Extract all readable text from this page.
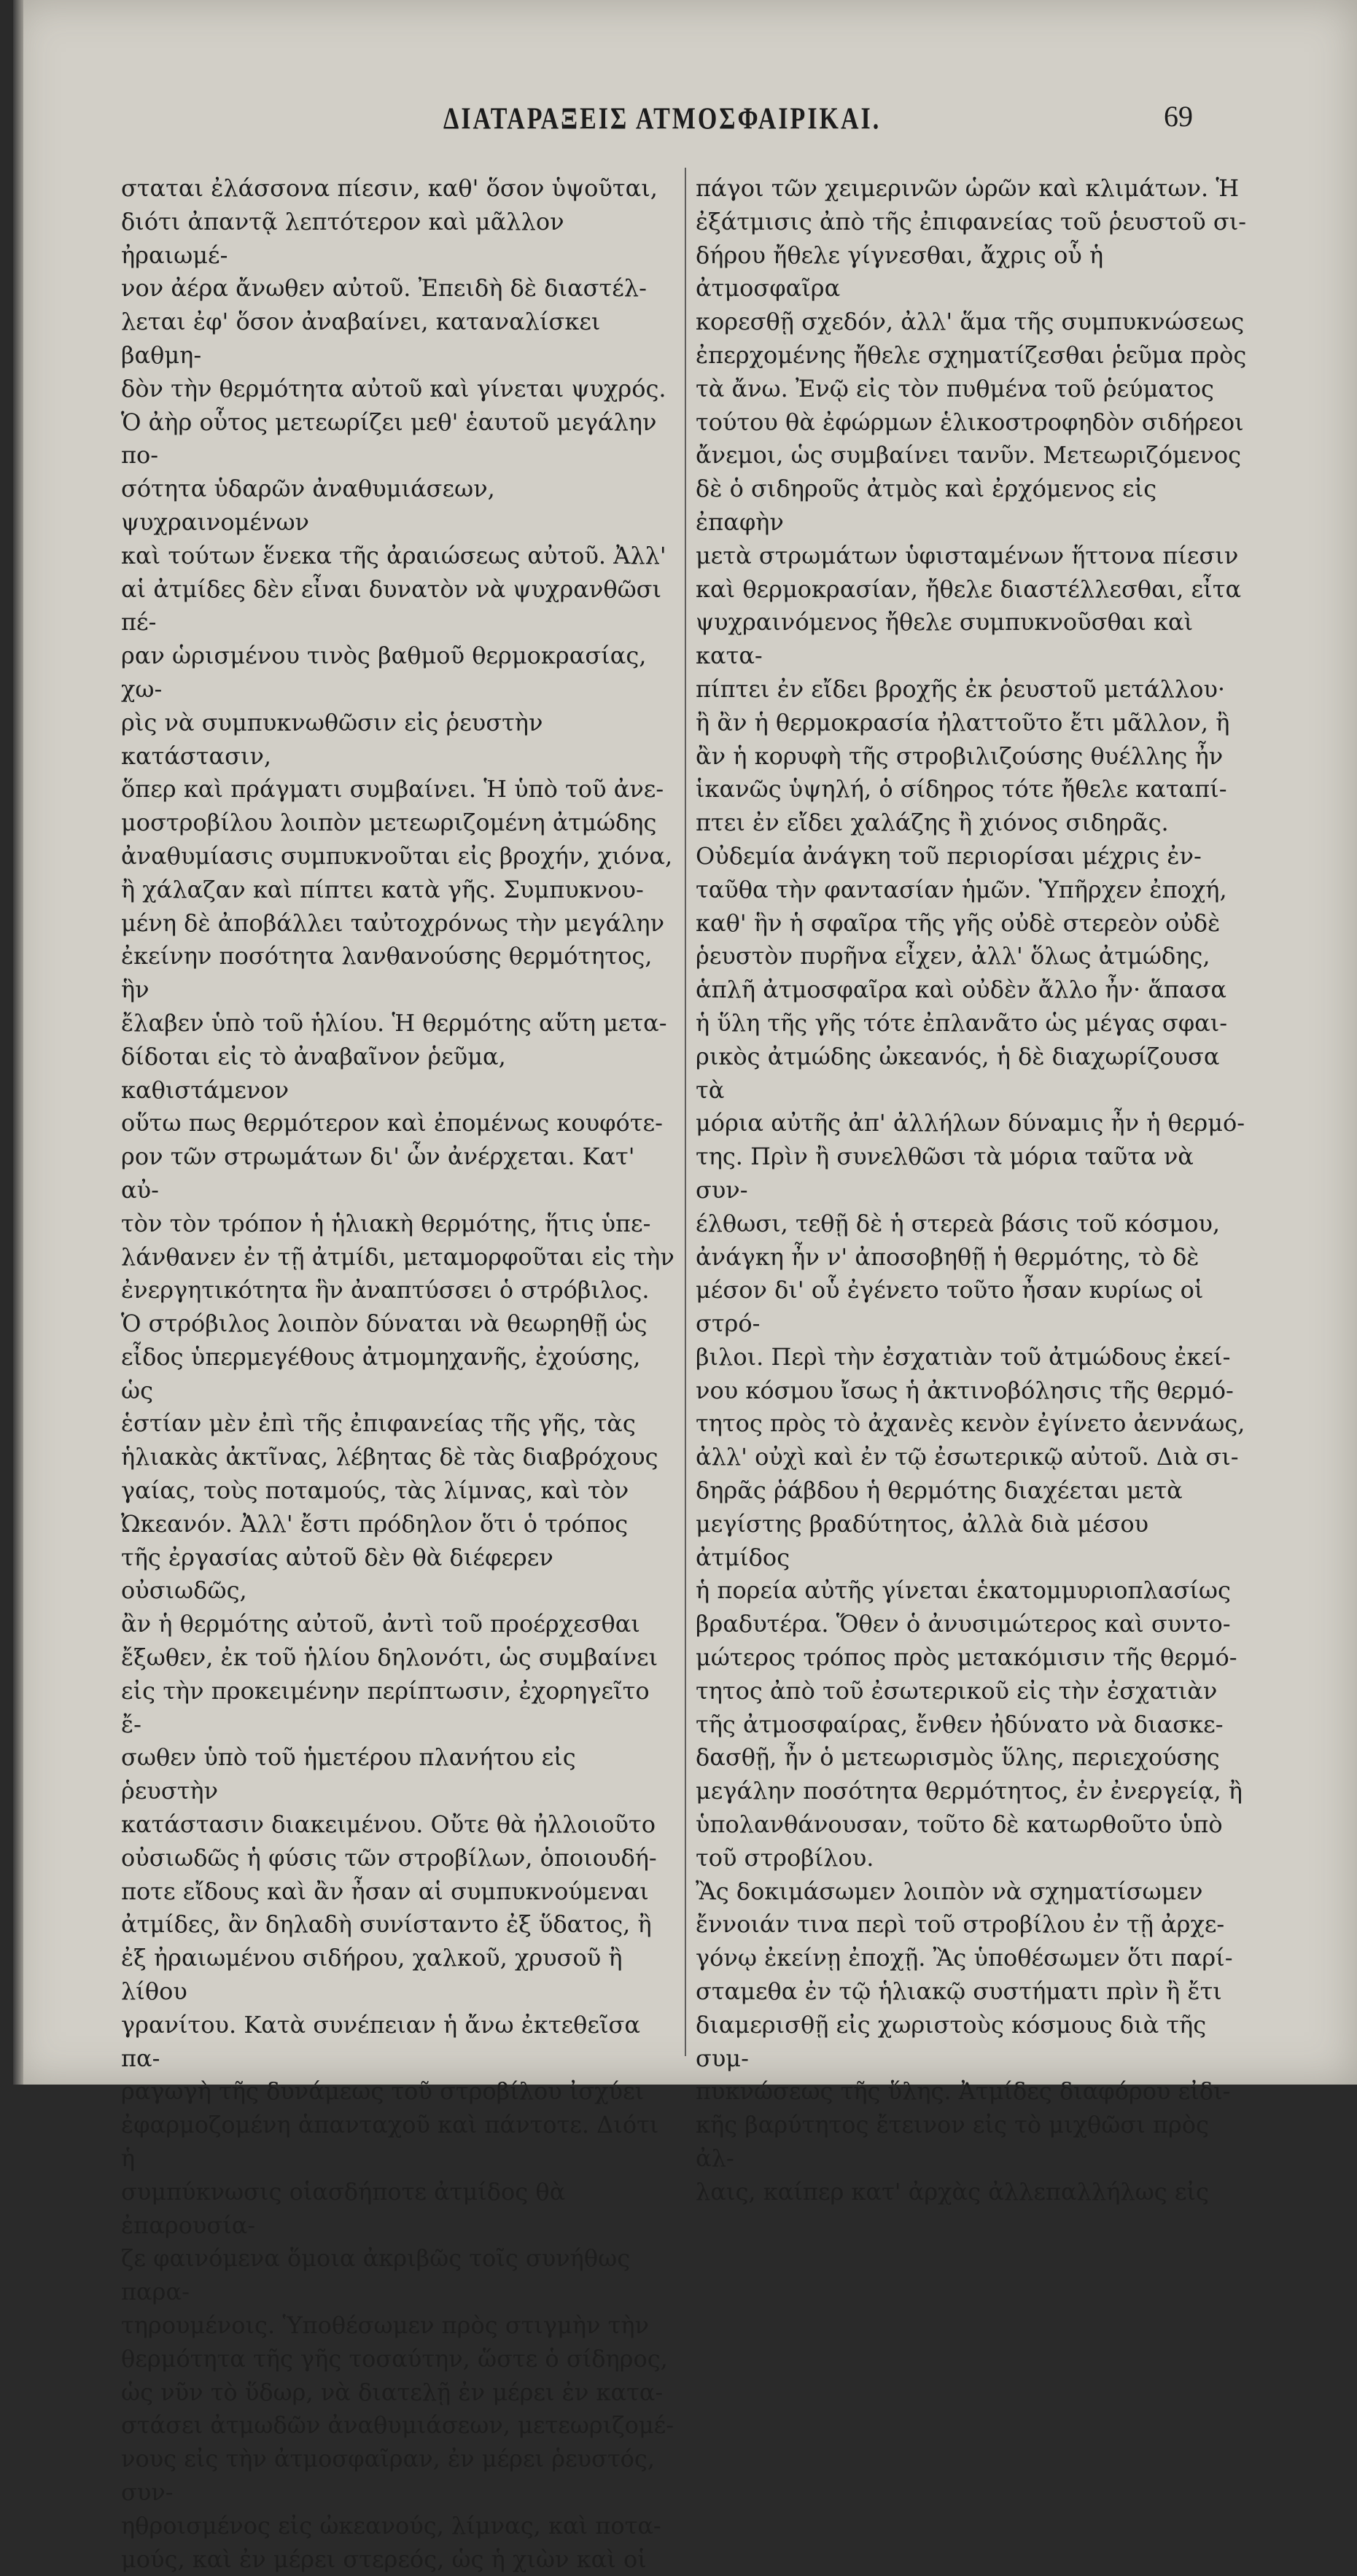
ΔΙΑΤΑΡΑΞΕΙΣ ΑΤΜΟΣΦΑΙΡΙΚΑΙ.	69

σταται ἐλάσσονα πίεσιν, καθ' ὅσον ὑψοῦται,
διότι ἀπαντᾷ λεπτότερον καὶ μᾶλλον ἠραιωμέ-
νον ἀέρα ἄνωθεν αὐτοῦ. Ἐπειδὴ δὲ διαστέλ-
λεται ἐφ' ὅσον ἀναβαίνει, καταναλίσκει βαθμη-
δὸν τὴν θερμότητα αὐτοῦ καὶ γίνεται ψυχρός.
Ὁ ἀὴρ οὗτος μετεωρίζει μεθ' ἑαυτοῦ μεγάλην πο-
σότητα ὑδαρῶν ἀναθυμιάσεων, ψυχραινομένων
καὶ τούτων ἕνεκα τῆς ἀραιώσεως αὐτοῦ. Ἀλλ'
αἱ ἀτμίδες δὲν εἶναι δυνατὸν νὰ ψυχρανθῶσι πέ-
ραν ὡρισμένου τινὸς βαθμοῦ θερμοκρασίας, χω-
ρὶς νὰ συμπυκνωθῶσιν εἰς ῥευστὴν κατάστασιν,
ὅπερ καὶ πράγματι συμβαίνει. Ἡ ὑπὸ τοῦ ἀνε-
μοστροβίλου λοιπὸν μετεωριζομένη ἀτμώδης
ἀναθυμίασις συμπυκνοῦται εἰς βροχήν, χιόνα,
ἢ χάλαζαν καὶ πίπτει κατὰ γῆς. Συμπυκνου-
μένη δὲ ἀποβάλλει ταὐτοχρόνως τὴν μεγάλην
ἐκείνην ποσότητα λανθανούσης θερμότητος, ἣν
ἔλαβεν ὑπὸ τοῦ ἡλίου. Ἡ θερμότης αὕτη μετα-
δίδοται εἰς τὸ ἀναβαῖνον ῥεῦμα, καθιστάμενον
οὕτω πως θερμότερον καὶ ἐπομένως κουφότε-
ρον τῶν στρωμάτων δι' ὧν ἀνέρχεται. Κατ' αὐ-
τὸν τὸν τρόπον ἡ ἡλιακὴ θερμότης, ἥτις ὑπε-
λάνθανεν ἐν τῇ ἀτμίδι, μεταμορφοῦται εἰς τὴν
ἐνεργητικότητα ἣν ἀναπτύσσει ὁ στρόβιλος.

Ὁ στρόβιλος λοιπὸν δύναται νὰ θεωρηθῇ ὡς
εἶδος ὑπερμεγέθους ἀτμομηχανῆς, ἐχούσης, ὡς
ἑστίαν μὲν ἐπὶ τῆς ἐπιφανείας τῆς γῆς, τὰς
ἡλιακὰς ἀκτῖνας, λέβητας δὲ τὰς διαβρόχους
γαίας, τοὺς ποταμούς, τὰς λίμνας, καὶ τὸν
Ὠκεανόν. Ἀλλ' ἔστι πρόδηλον ὅτι ὁ τρόπος
τῆς ἐργασίας αὐτοῦ δὲν θὰ διέφερεν οὐσιωδῶς,
ἂν ἡ θερμότης αὐτοῦ, ἀντὶ τοῦ προέρχεσθαι
ἔξωθεν, ἐκ τοῦ ἡλίου δηλονότι, ὡς συμβαίνει
εἰς τὴν προκειμένην περίπτωσιν, ἐχορηγεῖτο ἔ-
σωθεν ὑπὸ τοῦ ἡμετέρου πλανήτου εἰς ῥευστὴν
κατάστασιν διακειμένου. Οὔτε θὰ ἠλλοιοῦτο
οὐσιωδῶς ἡ φύσις τῶν στροβίλων, ὁποιουδή-
ποτε εἴδους καὶ ἂν ἦσαν αἱ συμπυκνούμεναι
ἀτμίδες, ἂν δηλαδὴ συνίσταντο ἐξ ὕδατος, ἢ
ἐξ ἠραιωμένου σιδήρου, χαλκοῦ, χρυσοῦ ἢ λίθου
γρανίτου. Κατὰ συνέπειαν ἡ ἄνω ἐκτεθεῖσα πα-
ραγωγὴ τῆς δυνάμεως τοῦ στροβίλου ἰσχύει
ἐφαρμοζομένη ἁπανταχοῦ καὶ πάντοτε. Διότι ἡ
συμπύκνωσις οἱασδήποτε ἀτμίδος θὰ ἐπαρουσία-
ζε φαινόμενα ὅμοια ἀκριβῶς τοῖς συνήθως παρα-
τηρουμένοις. Ὑποθέσωμεν πρὸς στιγμὴν τὴν
θερμότητα τῆς γῆς τοσαύτην, ὥστε ὁ σίδηρος,
ὡς νῦν τὸ ὕδωρ, νὰ διατελῇ ἐν μέρει ἐν κατα-
στάσει ἀτμωδῶν ἀναθυμιάσεων, μετεωριζομέ-
νους εἰς τὴν ἀτμοσφαῖραν, ἐν μέρει ῥευστός, συν-
ηθροισμένος εἰς ὠκεανούς, λίμνας, καὶ ποτα-
μούς, καὶ ἐν μέρει στερεός, ὡς ἡ χιὼν καὶ οἱ

πάγοι τῶν χειμερινῶν ὡρῶν καὶ κλιμάτων. Ἡ
ἐξάτμισις ἀπὸ τῆς ἐπιφανείας τοῦ ῥευστοῦ σι-
δήρου ἤθελε γίγνεσθαι, ἄχρις οὗ ἡ ἀτμοσφαῖρα
κορεσθῇ σχεδόν, ἀλλ' ἅμα τῆς συμπυκνώσεως
ἐπερχομένης ἤθελε σχηματίζεσθαι ῥεῦμα πρὸς
τὰ ἄνω. Ἐνῷ εἰς τὸν πυθμένα τοῦ ῥεύματος
τούτου θὰ ἐφώρμων ἑλικοστροφηδὸν σιδήρεοι
ἄνεμοι, ὡς συμβαίνει τανῦν. Μετεωριζόμενος
δὲ ὁ σιδηροῦς ἀτμὸς καὶ ἐρχόμενος εἰς ἐπαφὴν
μετὰ στρωμάτων ὑφισταμένων ἥττονα πίεσιν
καὶ θερμοκρασίαν, ἤθελε διαστέλλεσθαι, εἶτα
ψυχραινόμενος ἤθελε συμπυκνοῦσθαι καὶ κατα-
πίπτει ἐν εἴδει βροχῆς ἐκ ῥευστοῦ μετάλλου·
ἢ ἂν ἡ θερμοκρασία ἠλαττοῦτο ἔτι μᾶλλον, ἢ
ἂν ἡ κορυφὴ τῆς στροβιλιζούσης θυέλλης ἦν
ἱκανῶς ὑψηλή, ὁ σίδηρος τότε ἤθελε καταπί-
πτει ἐν εἴδει χαλάζης ἢ χιόνος σιδηρᾶς.

Οὐδεμία ἀνάγκη τοῦ περιορίσαι μέχρις ἐν-
ταῦθα τὴν φαντασίαν ἡμῶν. Ὑπῆρχεν ἐποχή,
καθ' ἣν ἡ σφαῖρα τῆς γῆς οὐδὲ στερεὸν οὐδὲ
ῥευστὸν πυρῆνα εἶχεν, ἀλλ' ὅλως ἀτμώδης,
ἁπλῆ ἀτμοσφαῖρα καὶ οὐδὲν ἄλλο ἦν· ἅπασα
ἡ ὕλη τῆς γῆς τότε ἐπλανᾶτο ὡς μέγας σφαι-
ρικὸς ἀτμώδης ὠκεανός, ἡ δὲ διαχωρίζουσα τὰ
μόρια αὐτῆς ἀπ' ἀλλήλων δύναμις ἦν ἡ θερμό-
της. Πρὶν ἢ συνελθῶσι τὰ μόρια ταῦτα νὰ συν-
έλθωσι, τεθῇ δὲ ἡ στερεὰ βάσις τοῦ κόσμου,
ἀνάγκη ἦν ν' ἀποσοβηθῇ ἡ θερμότης, τὸ δὲ
μέσον δι' οὗ ἐγένετο τοῦτο ἦσαν κυρίως οἱ στρό-
βιλοι. Περὶ τὴν ἐσχατιὰν τοῦ ἀτμώδους ἐκεί-
νου κόσμου ἴσως ἡ ἀκτινοβόλησις τῆς θερμό-
τητος πρὸς τὸ ἀχανὲς κενὸν ἐγίνετο ἀεννάως,
ἀλλ' οὐχὶ καὶ ἐν τῷ ἐσωτερικῷ αὐτοῦ. Διὰ σι-
δηρᾶς ῥάβδου ἡ θερμότης διαχέεται μετὰ
μεγίστης βραδύτητος, ἀλλὰ διὰ μέσου ἀτμίδος
ἡ πορεία αὐτῆς γίνεται ἑκατομμυριοπλασίως
βραδυτέρα. Ὅθεν ὁ ἀνυσιμώτερος καὶ συντο-
μώτερος τρόπος πρὸς μετακόμισιν τῆς θερμό-
τητος ἀπὸ τοῦ ἐσωτερικοῦ εἰς τὴν ἐσχατιὰν
τῆς ἀτμοσφαίρας, ἔνθεν ἠδύνατο νὰ διασκε-
δασθῇ, ἦν ὁ μετεωρισμὸς ὕλης, περιεχούσης
μεγάλην ποσότητα θερμότητος, ἐν ἐνεργείᾳ, ἢ
ὑπολανθάνουσαν, τοῦτο δὲ κατωρθοῦτο ὑπὸ
τοῦ στροβίλου.

Ἂς δοκιμάσωμεν λοιπὸν νὰ σχηματίσωμεν
ἔννοιάν τινα περὶ τοῦ στροβίλου ἐν τῇ ἀρχε-
γόνῳ ἐκείνῃ ἐποχῇ. Ἂς ὑποθέσωμεν ὅτι παρί-
σταμεθα ἐν τῷ ἡλιακῷ συστήματι πρὶν ἢ ἔτι
διαμερισθῇ εἰς χωριστοὺς κόσμους διὰ τῆς συμ-
πυκνώσεως τῆς ὕλης. Ἀτμίδες διαφόρου εἰδι-
κῆς βαρύτητος ἔτεινον εἰς τὸ μιχθῶσι πρὸς ἀλ-
λαις, καίπερ κατ' ἀρχὰς ἀλλεπαλλήλως εἰς
